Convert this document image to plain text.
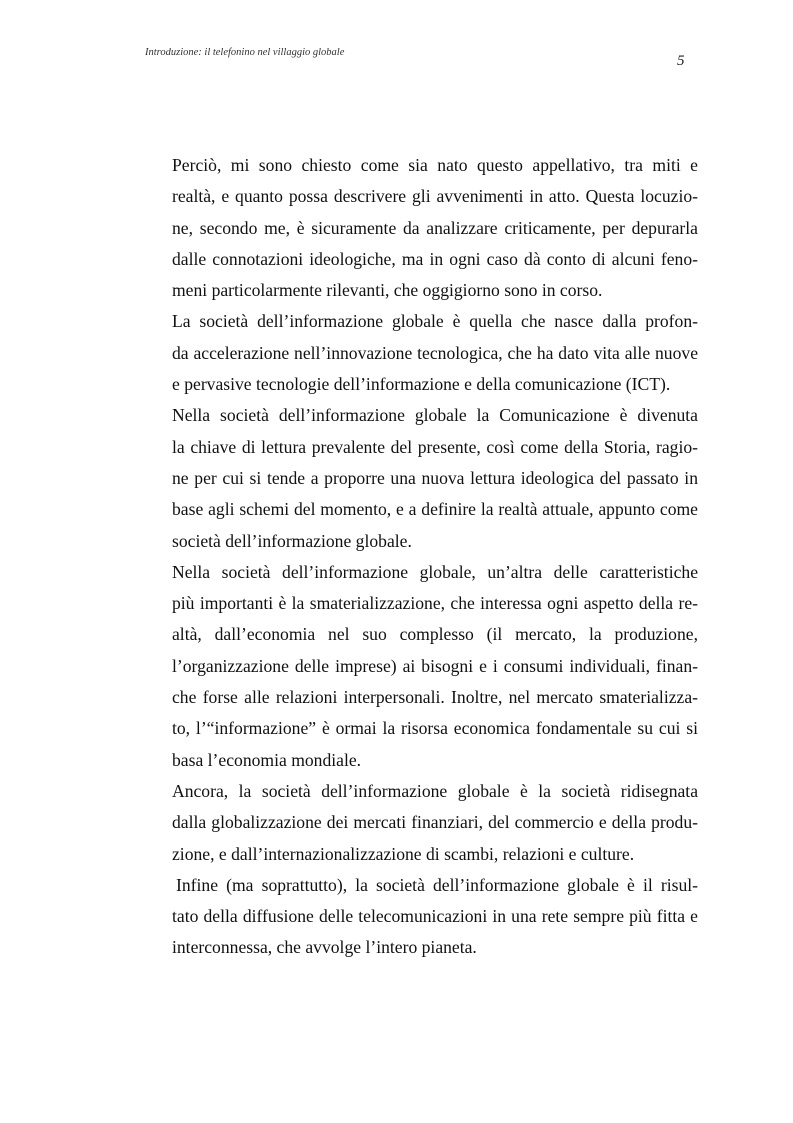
Introduzione: il telefonino nel villaggio globale
5

Perciò, mi sono chiesto come sia nato questo appellativo, tra miti e
realtà, e quanto possa descrivere gli avvenimenti in atto. Questa locuzio-
ne, secondo me, è sicuramente da analizzare criticamente, per depurarla
dalle connotazioni ideologiche, ma in ogni caso dà conto di alcuni feno-
meni particolarmente rilevanti, che oggigiorno sono in corso.

La società dell’informazione globale è quella che nasce dalla profon-
da accelerazione nell’innovazione tecnologica, che ha dato vita alle nuove
e pervasive tecnologie dell’informazione e della comunicazione (ICT).

Nella società dell’informazione globale la Comunicazione è divenuta
la chiave di lettura prevalente del presente, così come della Storia, ragio-
ne per cui si tende a proporre una nuova lettura ideologica del passato in
base agli schemi del momento, e a definire la realtà attuale, appunto come
società dell’informazione globale.

Nella società dell’informazione globale, un’altra delle caratteristiche
più importanti è la smaterializzazione, che interessa ogni aspetto della re-
altà, dall’economia nel suo complesso (il mercato, la produzione,
l’organizzazione delle imprese) ai bisogni e i consumi individuali, finan-
che forse alle relazioni interpersonali. Inoltre, nel mercato smaterializza-
to, l’“informazione” è ormai la risorsa economica fondamentale su cui si
basa l’economia mondiale.

Ancora, la società dell’informazione globale è la società ridisegnata
dalla globalizzazione dei mercati finanziari, del commercio e della produ-
zione, e dall’internazionalizzazione di scambi, relazioni e culture.

Infine (ma soprattutto), la società dell’informazione globale è il risul-
tato della diffusione delle telecomunicazioni in una rete sempre più fitta e
interconnessa, che avvolge l’intero pianeta.
